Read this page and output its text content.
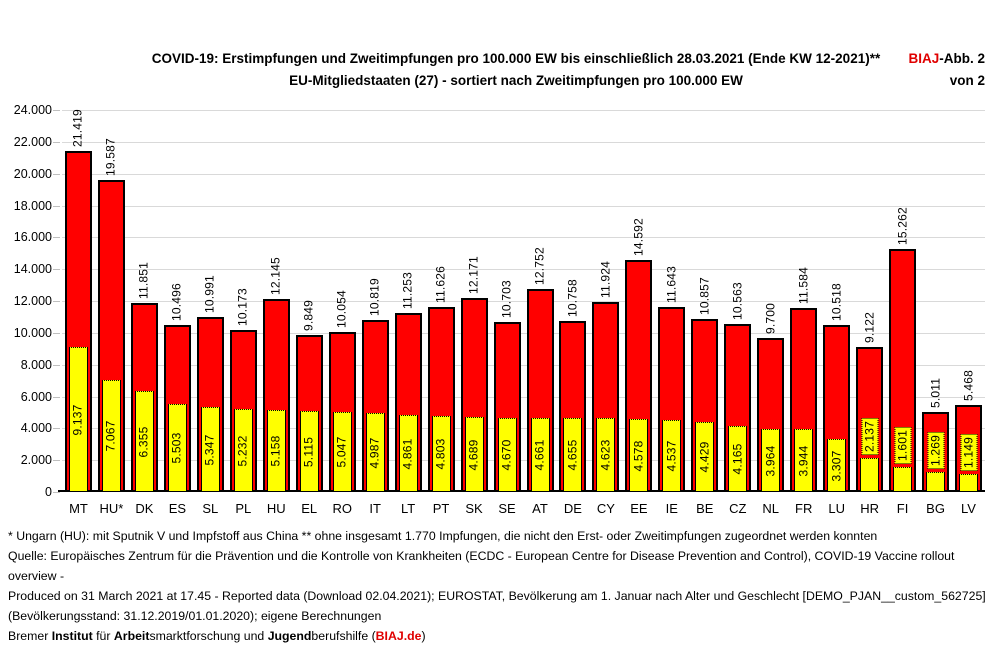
COVID-19: Erstimpfungen und Zweitimpfungen pro 100.000 EW bis einschließlich 28.03.2021 (Ende KW 12-2021)**
EU-Mitgliedstaaten (27) - sortiert nach Zweitimpfungen pro 100.000 EW
BIAJ-Abb. 2
von 2
0
2.000
4.000
6.000
8.000
10.000
12.000
14.000
16.000
18.000
20.000
22.000
24.000 21.419
9.137
MT
19.587
7.067
HU*
11.851
6.355
DK
10.496
5.503
ES
10.991
5.347
SL
10.173
5.232
PL
12.145
5.158
HU
9.849
5.115
EL
10.054
5.047
RO
10.819
4.987
IT
11.253
4.861
LT
11.626
4.803
PT
12.171
4.689
SK
10.703
4.670
SE
12.752
4.661
AT
10.758
4.655
DE
11.924
4.623
CY
14.592
4.578
EE
11.643
4.537
IE
10.857
4.429
BE
10.563
4.165
CZ
9.700
3.964
NL
11.584
3.944
FR
10.518
3.307
LU
9.122
2.137
HR
15.262
1.601
FI
5.011
1.269
BG
5.468
1.149
LV
* Ungarn (HU): mit Sputnik V und Impfstoff aus China ** ohne insgesamt 1.770 Impfungen, die nicht den Erst- oder Zweitimpfungen zugeordnet werden konnten
Quelle: Europäisches Zentrum für die Prävention und die Kontrolle von Krankheiten (ECDC - European Centre for Disease Prevention and Control), COVID-19 Vaccine rollout overview -
Produced on 31 March 2021 at 17.45 - Reported data (Download 02.04.2021); EUROSTAT, Bevölkerung am 1. Januar nach Alter und Geschlecht [DEMO_PJAN__custom_562725]
(Bevölkerungsstand: 31.12.2019/01.01.2020); eigene Berechnungen
Bremer Institut für Arbeitsmarktforschung und Jugendberufshilfe (BIAJ.de)
